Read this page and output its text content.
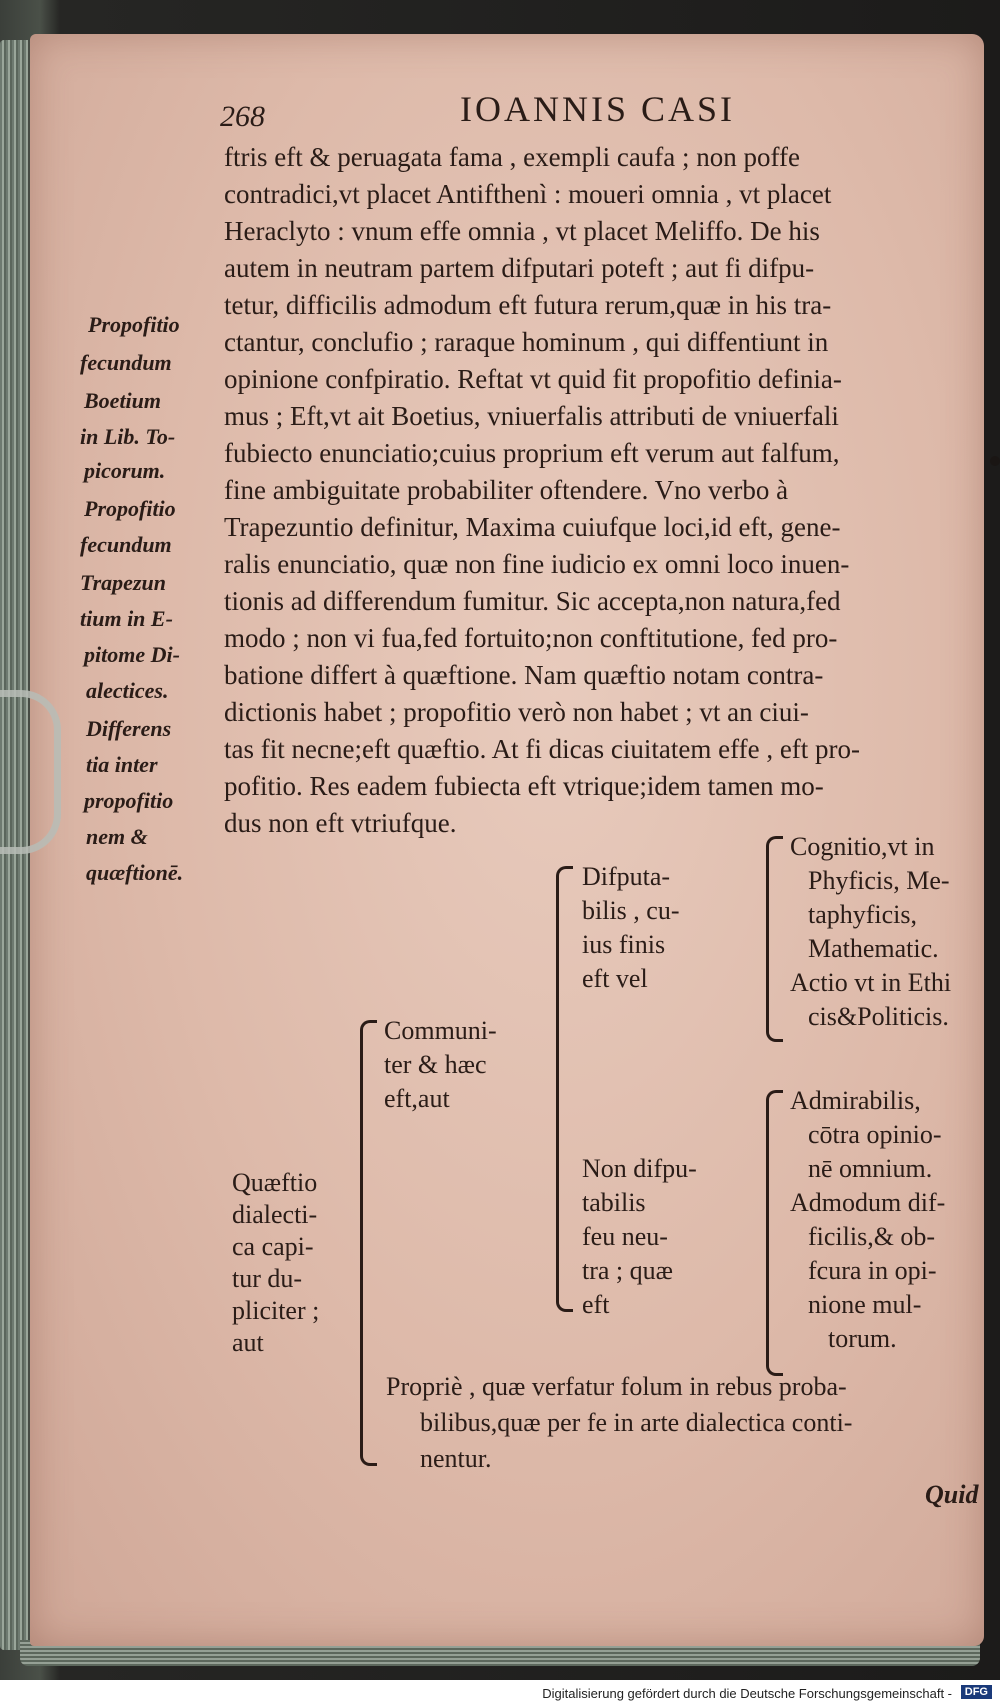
268	IOANNIS CASI
ftris eft & peruagata fama , exempli caufa ; non poffe
contradici,vt placet Antifthenì : moueri omnia , vt placet
Heraclyto : vnum effe omnia , vt placet Meliffo. De his
autem in neutram partem difputari poteft ; aut fi difpu-
tetur, difficilis admodum eft futura rerum,quæ in his tra-
ctantur, conclufio ; raraque hominum , qui diffentiunt in
opinione confpiratio. Reftat vt quid fit propofitio definia-
mus ; Eft,vt ait Boetius, vniuerfalis attributi de vniuerfali
fubiecto enunciatio;cuius proprium eft verum aut falfum,
fine ambiguitate probabiliter oftendere. Vno verbo à
Trapezuntio definitur, Maxima cuiufque loci,id eft, gene-
ralis enunciatio, quæ non fine iudicio ex omni loco inuen-
tionis ad differendum fumitur. Sic accepta,non natura,fed
modo ; non vi fua,fed fortuito;non conftitutione, fed pro-
batione differt à quæftione. Nam quæftio notam contra-
dictionis habet ; propofitio verò non habet ; vt an ciui-
tas fit necne;eft quæftio. At fi dicas ciuitatem effe , eft pro-
pofitio. Res eadem fubiecta eft vtrique;idem tamen mo-
dus non eft vtriufque.
Propofitio
fecundum
Boetium
in Lib. To-
picorum.
Propofitio
fecundum
Trapezun
tium in E-
pitome Di-
alectices.
Differens
tia inter
propofitio
nem &
quæftionē.
Quæftio
dialecti-
ca capi-
tur du-
pliciter ;
aut
Communi-
ter & hæc
eft,aut
Difputa-
bilis , cu-
ius finis
eft vel
Cognitio,vt in
Phyficis, Me-
taphyficis,
Mathematic.
Actio vt in Ethi
cis&Politicis.
Non difpu-
tabilis
feu neu-
tra ; quæ
eft
Admirabilis,
cōtra opinio-
nē omnium.
Admodum dif-
ficilis,& ob-
fcura in opi-
nione mul-
torum.
Propriè , quæ verfatur folum in rebus proba-
bilibus,quæ per fe in arte dialectica conti-
nentur.
Quid
Digitalisierung gefördert durch die Deutsche Forschungsgemeinschaft -	DFG
